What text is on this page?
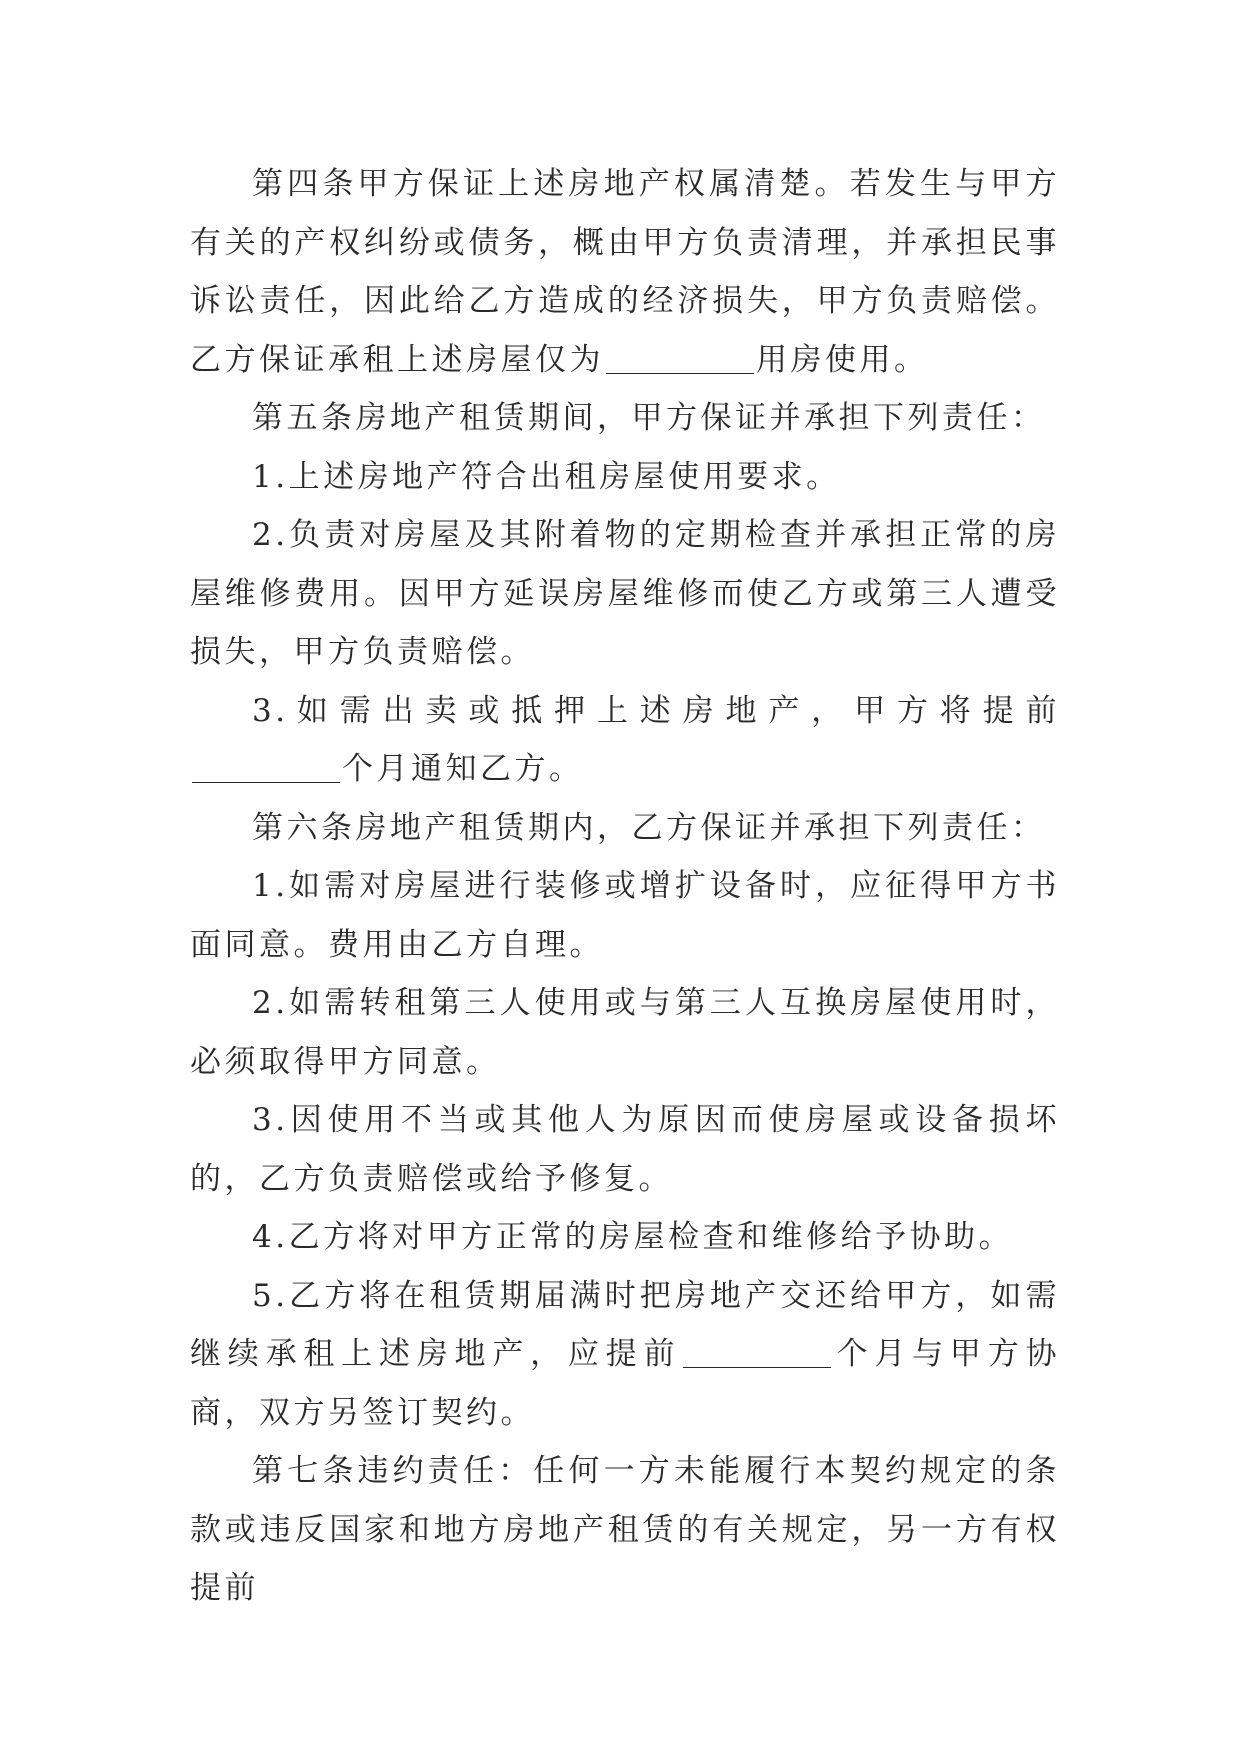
第四条甲方保证上述房地产权属清楚。若发生与甲方有关的产权纠纷或债务，概由甲方负责清理，并承担民事诉讼责任，因此给乙方造成的经济损失，甲方负责赔偿。乙方保证承租上述房屋仅为	用房使用。

第五条房地产租赁期间，甲方保证并承担下列责任：

1.上述房地产符合出租房屋使用要求。

2.负责对房屋及其附着物的定期检查并承担正常的房屋维修费用。因甲方延误房屋维修而使乙方或第三人遭受损失，甲方负责赔偿。

3.如需出卖或抵押上述房地产，甲方将提前个月通知乙方。

第六条房地产租赁期内，乙方保证并承担下列责任：

1.如需对房屋进行装修或增扩设备时，应征得甲方书面同意。费用由乙方自理。

2.如需转租第三人使用或与第三人互换房屋使用时，必须取得甲方同意。

3.因使用不当或其他人为原因而使房屋或设备损坏的，乙方负责赔偿或给予修复。

4.乙方将对甲方正常的房屋检查和维修给予协助。

5.乙方将在租赁期届满时把房地产交还给甲方，如需继续承租上述房地产，应提前	个月与甲方协商，双方另签订契约。

第七条违约责任：任何一方未能履行本契约规定的条款或违反国家和地方房地产租赁的有关规定，另一方有权提前
